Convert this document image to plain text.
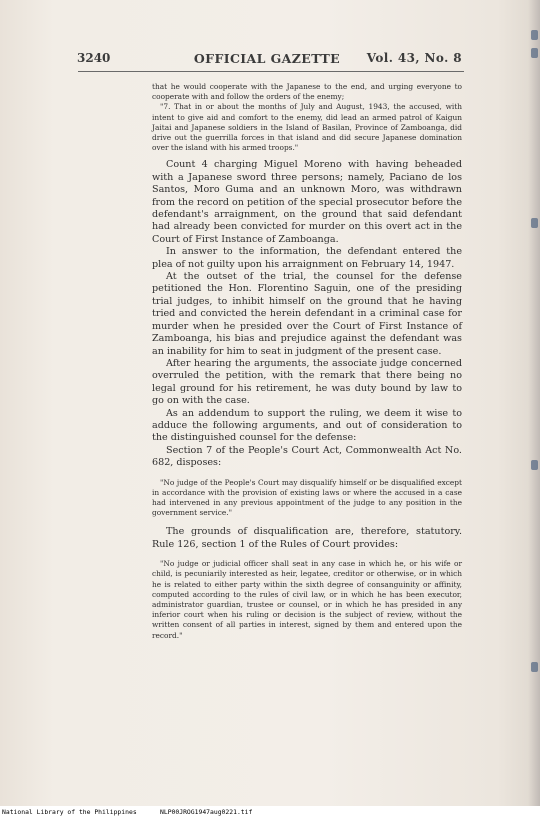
3240	OFFICIAL GAZETTE	Vol. 43, No. 8

that he would cooperate with the Japanese to the end, and urging everyone to cooperate with and follow the orders of the enemy;

"7. That in or about the months of July and August, 1943, the accused, with intent to give aid and comfort to the enemy, did lead an armed patrol of Kaigun Jaitai and Japanese soldiers in the Island of Basilan, Province of Zamboanga, did drive out the guerrilla forces in that island and did secure Japanese domination over the island with his armed troops."

Count 4 charging Miguel Moreno with having beheaded with a Japanese sword three persons; namely, Paciano de los Santos, Moro Guma and an unknown Moro, was withdrawn from the record on petition of the special prosecutor before the defendant's arraignment, on the ground that said defendant had already been convicted for murder on this overt act in the Court of First Instance of Zamboanga.

In answer to the information, the defendant entered the plea of not guilty upon his arraignment on February 14, 1947.

At the outset of the trial, the counsel for the defense petitioned the Hon. Florentino Saguin, one of the presiding trial judges, to inhibit himself on the ground that he having tried and convicted the herein defendant in a criminal case for murder when he presided over the Court of First Instance of Zamboanga, his bias and prejudice against the defendant was an inability for him to seat in judgment of the present case.

After hearing the arguments, the associate judge concerned overruled the petition, with the remark that there being no legal ground for his retirement, he was duty bound by law to go on with the case.

As an addendum to support the ruling, we deem it wise to adduce the following arguments, and out of consideration to the distinguished counsel for the defense:

Section 7 of the People's Court Act, Commonwealth Act No. 682, disposes:

"No judge of the People's Court may disqualify himself or be disqualified except in accordance with the provision of existing laws or where the accused in a case had intervened in any previous appointment of the judge to any position in the government service."

The grounds of disqualification are, therefore, statutory. Rule 126, section 1 of the Rules of Court provides:

"No judge or judicial officer shall seat in any case in which he, or his wife or child, is pecuniarily interested as heir, legatee, creditor or otherwise, or in which he is related to either party within the sixth degree of consanguinity or affinity, computed according to the rules of civil law, or in which he has been executor, administrator guardian, trustee or counsel, or in which he has presided in any inferior court when his ruling or decision is the subject of review, without the written consent of all parties in interest, signed by them and entered upon the record."

National Library of the Philippines	NLP00JROG1947aug0221.tif
